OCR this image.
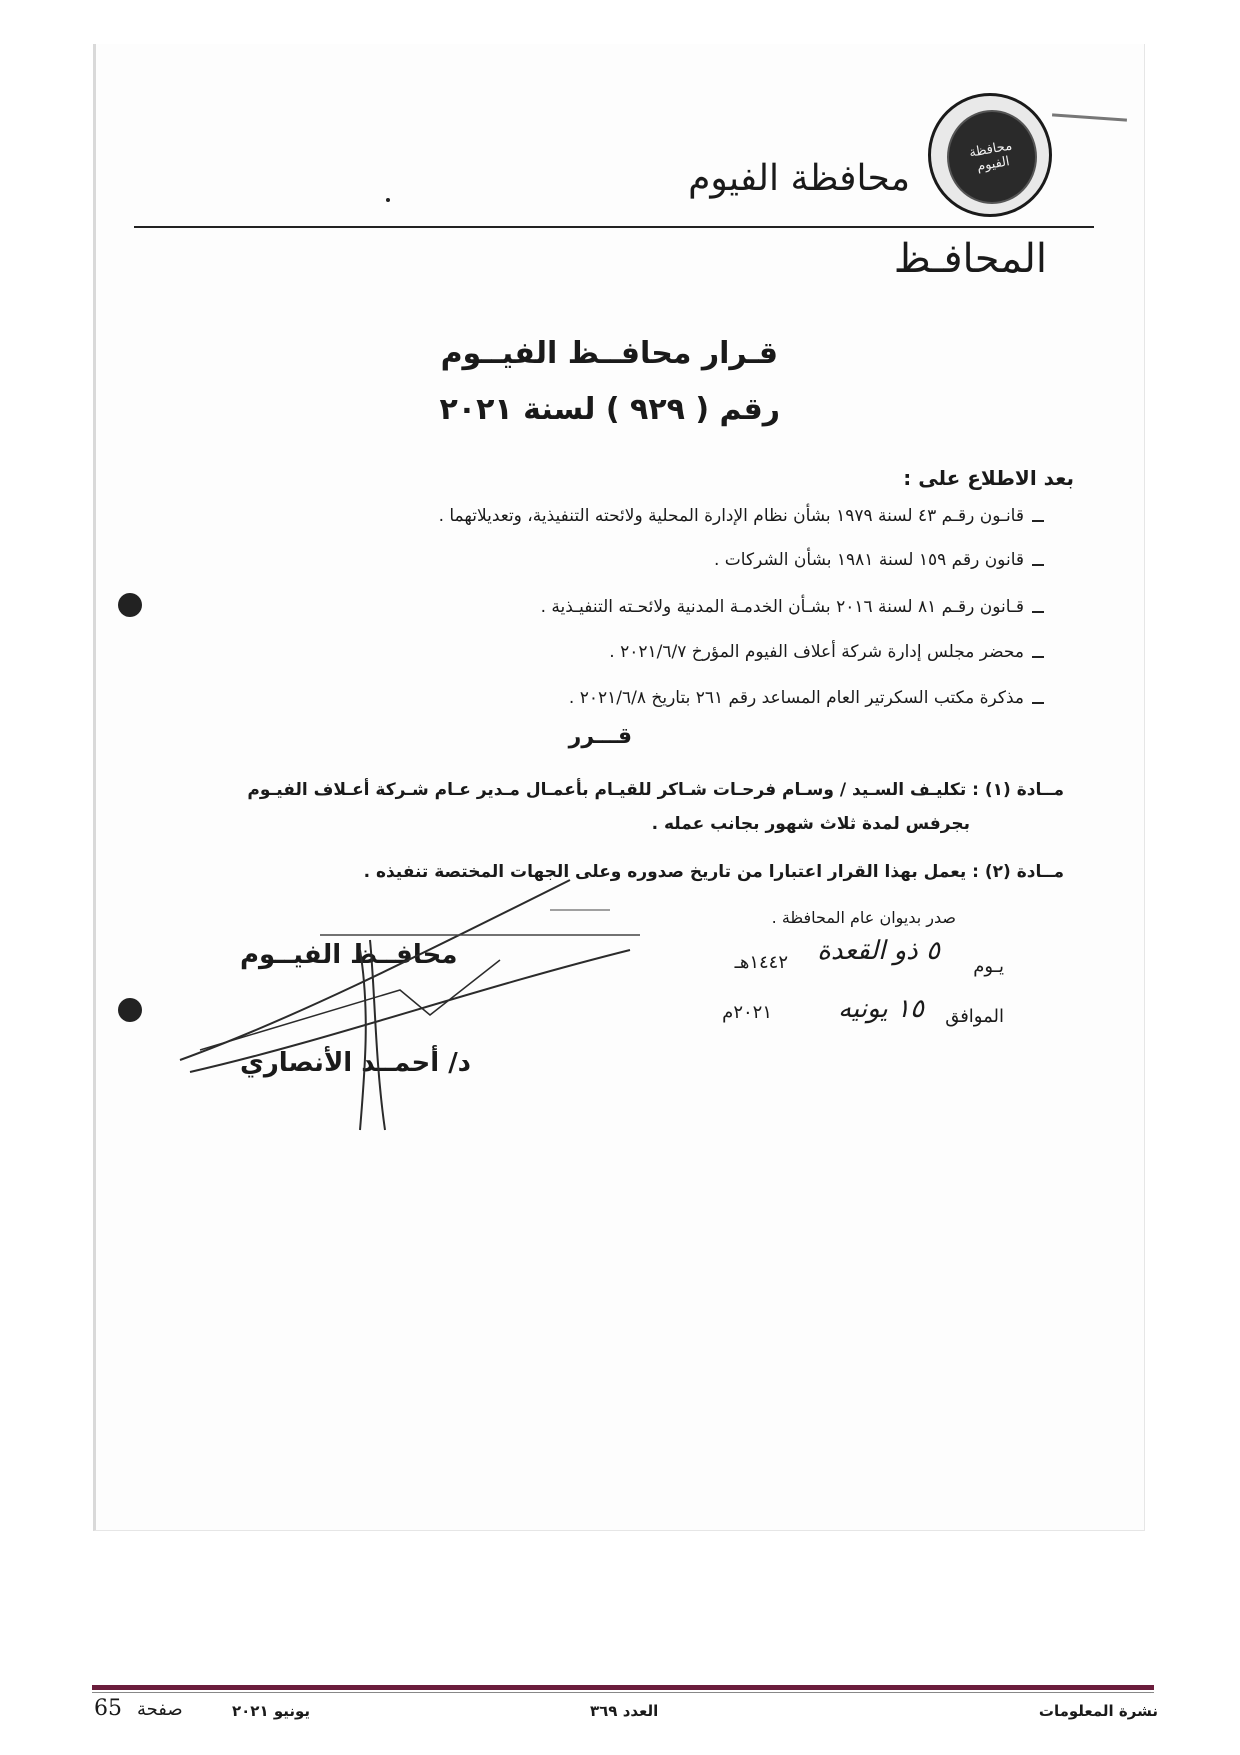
محافظة الفيوم
محافظة الفيوم
المحافـظ
قـرار محافــظ الفيــوم
رقم ( ٩٢٩ ) لسنة ٢٠٢١
بعد الاطلاع على :
قانـون رقـم ٤٣ لسنة ١٩٧٩ بشأن نظام الإدارة المحلية ولائحته التنفيذية، وتعديلاتهما .
قانون رقم ١٥٩ لسنة ١٩٨١ بشأن الشركات .
قـانون رقـم ٨١ لسنة ٢٠١٦ بشـأن الخدمـة المدنية ولائحـته التنفيـذية .
محضر مجلس إدارة شركة أعلاف الفيوم المؤرخ ٢٠٢١/٦/٧ .
مذكرة مكتب السكرتير العام المساعد رقم ٢٦١ بتاريخ ٢٠٢١/٦/٨ .
قـــرر
مــادة (١) : تكليـف السـيد / وسـام فرحـات شـاكر للقيـام بأعمـال مـدير عـام شـركة أعـلاف الفيـوم
بجرفس لمدة ثلاث شهور بجانب عمله .
مــادة (٢) : يعمل بهذا القرار اعتبارا من تاريخ صدوره وعلى الجهات المختصة تنفيذه .
صدر بديوان عام المحافظة .
يـوم
٥ ذو القعدة
١٤٤٢هـ
الموافق
١٥ يونيه
٢٠٢١م
محافــظ الفيــوم
د/ أحمــد الأنصاري
نشرة المعلومات
العدد ٣٦٩
يونيو ٢٠٢١
65 صفحة
